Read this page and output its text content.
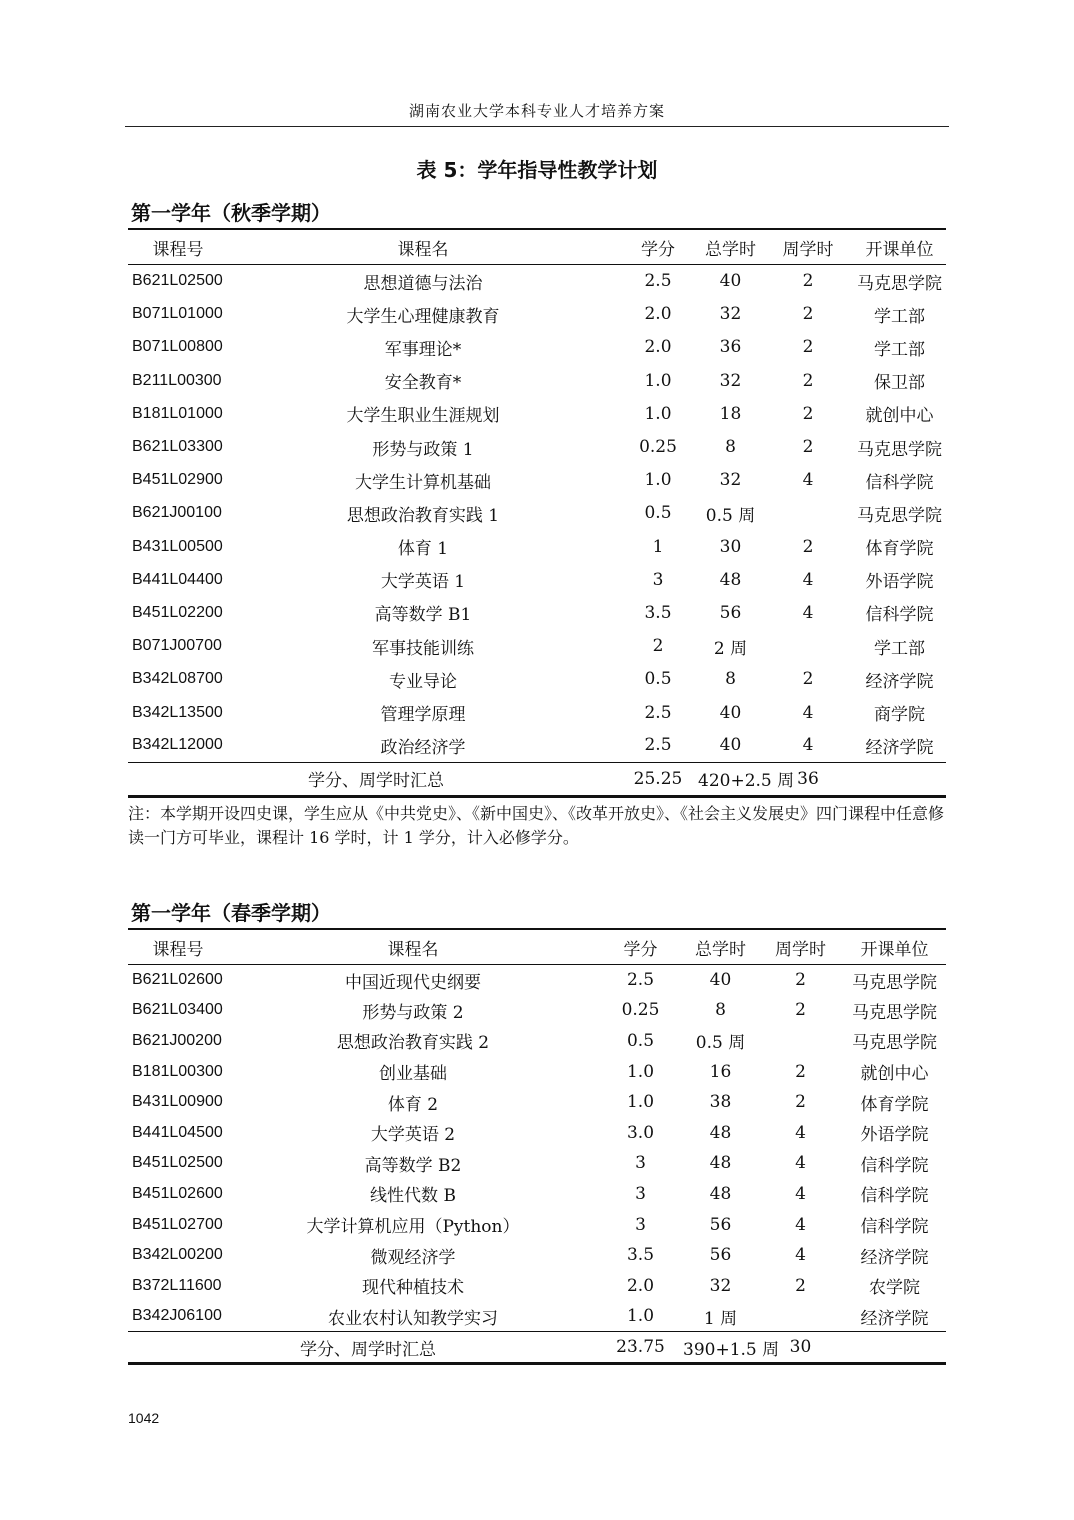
湖南农业大学本科专业人才培养方案
表 5：学年指导性教学计划
第一学年（秋季学期）
课程号	课程名	学分	总学时	周学时	开课单位
B621L02500	思想道德与法治	2.5	40	2	马克思学院
B071L01000	大学生心理健康教育	2.0	32	2	学工部
B071L00800	军事理论*	2.0	36	2	学工部
B211L00300	安全教育*	1.0	32	2	保卫部
B181L01000	大学生职业生涯规划	1.0	18	2	就创中心
B621L03300	形势与政策 1	0.25	8	2	马克思学院
B451L02900	大学生计算机基础	1.0	32	4	信科学院
B621J00100	思想政治教育实践 1	0.5	0.5 周		马克思学院
B431L00500	体育 1	1	30	2	体育学院
B441L04400	大学英语 1	3	48	4	外语学院
B451L02200	高等数学 B1	3.5	56	4	信科学院
B071J00700	军事技能训练	2	2 周		学工部
B342L08700	专业导论	0.5	8	2	经济学院
B342L13500	管理学原理	2.5	40	4	商学院
B342L12000	政治经济学	2.5	40	4	经济学院
学分、周学时汇总		25.25	420+2.5 周	36	
注：本学期开设四史课，学生应从《中共党史》、《新中国史》、《改革开放史》、《社会主义发展史》四门课程中任意修读一门方可毕业，课程计 16 学时，计 1 学分，计入必修学分。
第一学年（春季学期）
课程号	课程名	学分	总学时	周学时	开课单位
B621L02600	中国近现代史纲要	2.5	40	2	马克思学院
B621L03400	形势与政策 2	0.25	8	2	马克思学院
B621J00200	思想政治教育实践 2	0.5	0.5 周		马克思学院
B181L00300	创业基础	1.0	16	2	就创中心
B431L00900	体育 2	1.0	38	2	体育学院
B441L04500	大学英语 2	3.0	48	4	外语学院
B451L02500	高等数学 B2	3	48	4	信科学院
B451L02600	线性代数 B	3	48	4	信科学院
B451L02700	大学计算机应用（Python）	3	56	4	信科学院
B342L00200	微观经济学	3.5	56	4	经济学院
B372L11600	现代种植技术	2.0	32	2	农学院
B342J06100	农业农村认知教学实习	1.0	1 周		经济学院
学分、周学时汇总		23.75	390+1.5 周	30	
1042
